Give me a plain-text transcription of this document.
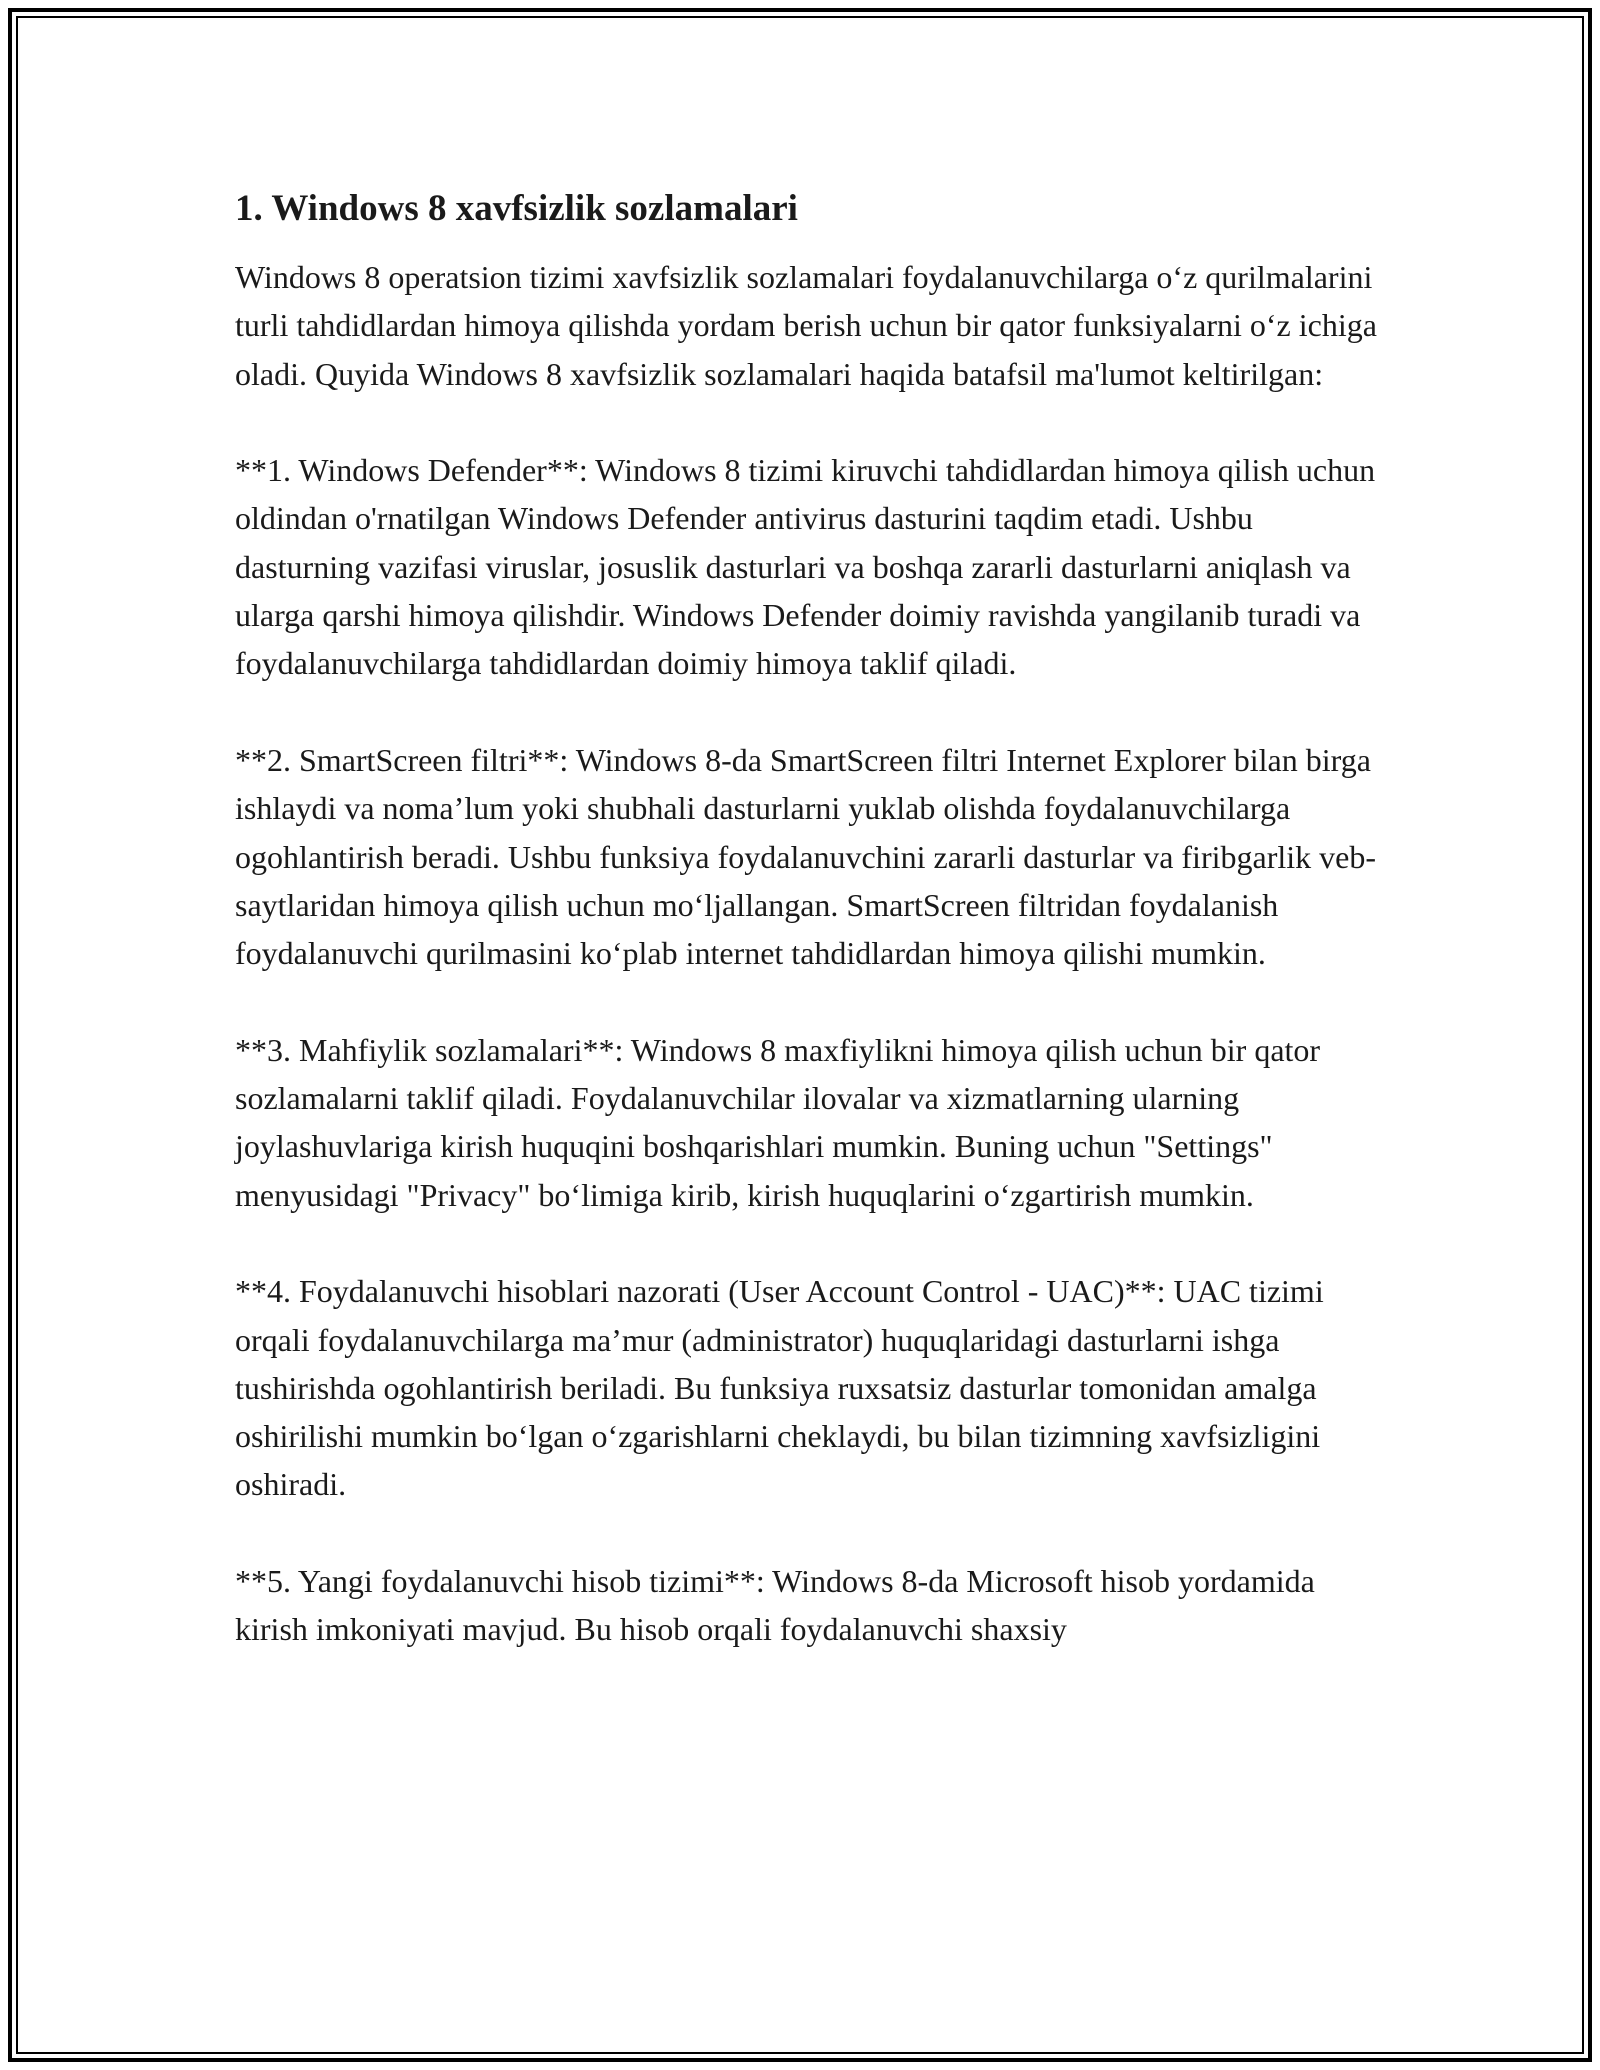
1. Windows 8 xavfsizlik sozlamalari

Windows 8 operatsion tizimi xavfsizlik sozlamalari foydalanuvchilarga o‘z qurilmalarini turli tahdidlardan himoya qilishda yordam berish uchun bir qator funksiyalarni o‘z ichiga oladi. Quyida Windows 8 xavfsizlik sozlamalari haqida batafsil ma'lumot keltirilgan:

**1. Windows Defender**: Windows 8 tizimi kiruvchi tahdidlardan himoya qilish uchun oldindan o'rnatilgan Windows Defender antivirus dasturini taqdim etadi. Ushbu dasturning vazifasi viruslar, josuslik dasturlari va boshqa zararli dasturlarni aniqlash va ularga qarshi himoya qilishdir. Windows Defender doimiy ravishda yangilanib turadi va foydalanuvchilarga tahdidlardan doimiy himoya taklif qiladi.

**2. SmartScreen filtri**: Windows 8-da SmartScreen filtri Internet Explorer bilan birga ishlaydi va noma’lum yoki shubhali dasturlarni yuklab olishda foydalanuvchilarga ogohlantirish beradi. Ushbu funksiya foydalanuvchini zararli dasturlar va firibgarlik veb-saytlaridan himoya qilish uchun mo‘ljallangan. SmartScreen filtridan foydalanish foydalanuvchi qurilmasini ko‘plab internet tahdidlardan himoya qilishi mumkin.

**3. Mahfiylik sozlamalari**: Windows 8 maxfiylikni himoya qilish uchun bir qator sozlamalarni taklif qiladi. Foydalanuvchilar ilovalar va xizmatlarning ularning joylashuvlariga kirish huquqini boshqarishlari mumkin. Buning uchun "Settings" menyusidagi "Privacy" bo‘limiga kirib, kirish huquqlarini o‘zgartirish mumkin.

**4. Foydalanuvchi hisoblari nazorati (User Account Control - UAC)**: UAC tizimi orqali foydalanuvchilarga ma’mur (administrator) huquqlaridagi dasturlarni ishga tushirishda ogohlantirish beriladi. Bu funksiya ruxsatsiz dasturlar tomonidan amalga oshirilishi mumkin bo‘lgan o‘zgarishlarni cheklaydi, bu bilan tizimning xavfsizligini oshiradi.

**5. Yangi foydalanuvchi hisob tizimi**: Windows 8-da Microsoft hisob yordamida kirish imkoniyati mavjud. Bu hisob orqali foydalanuvchi shaxsiy
